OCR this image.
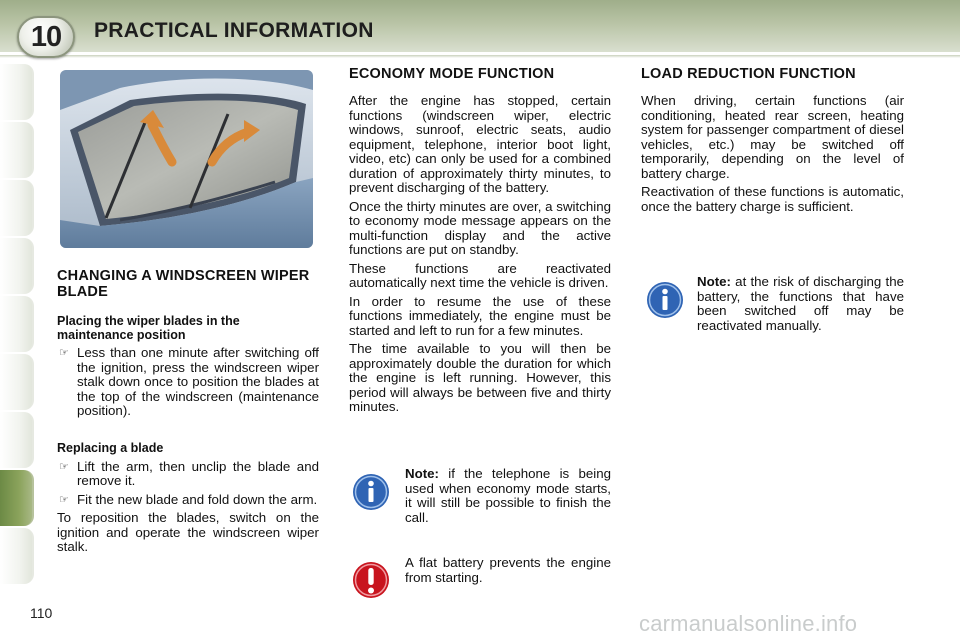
10	PRACTICAL INFORMATION
CHANGING A WINDSCREEN WIPER BLADE
Placing the wiper blades in the maintenance position
☞ Less than one minute after switching off the ignition, press the windscreen wiper stalk down once to position the blades at the top of the windscreen (maintenance position).
Replacing a blade
☞ Lift the arm, then unclip the blade and remove it.
☞ Fit the new blade and fold down the arm.

To reposition the blades, switch on the ignition and operate the windscreen wiper stalk.

ECONOMY MODE FUNCTION

After the engine has stopped, certain functions (windscreen wiper, electric windows, sunroof, electric seats, audio equipment, telephone, interior boot light, video, etc) can only be used for a combined duration of approximately thirty minutes, to prevent discharging of the battery.

Once the thirty minutes are over, a switching to economy mode message appears on the multi-function display and the active functions are put on standby.

These functions are reactivated automatically next time the vehicle is driven.

In order to resume the use of these functions immediately, the engine must be started and left to run for a few minutes.

The time available to you will then be approximately double the duration for which the engine is left running. However, this period will always be between five and thirty minutes.

Note: if the telephone is being used when economy mode starts, it will still be possible to finish the call.
A flat battery prevents the engine from starting.
LOAD REDUCTION FUNCTION

When driving, certain functions (air conditioning, heated rear screen, heating system for passenger compartment of diesel vehicles, etc.) may be switched off temporarily, depending on the level of battery charge.

Reactivation of these functions is automatic, once the battery charge is sufficient.

Note: at the risk of discharging the battery, the functions that have been switched off may be reactivated manually.
110	carmanualsonline.info
